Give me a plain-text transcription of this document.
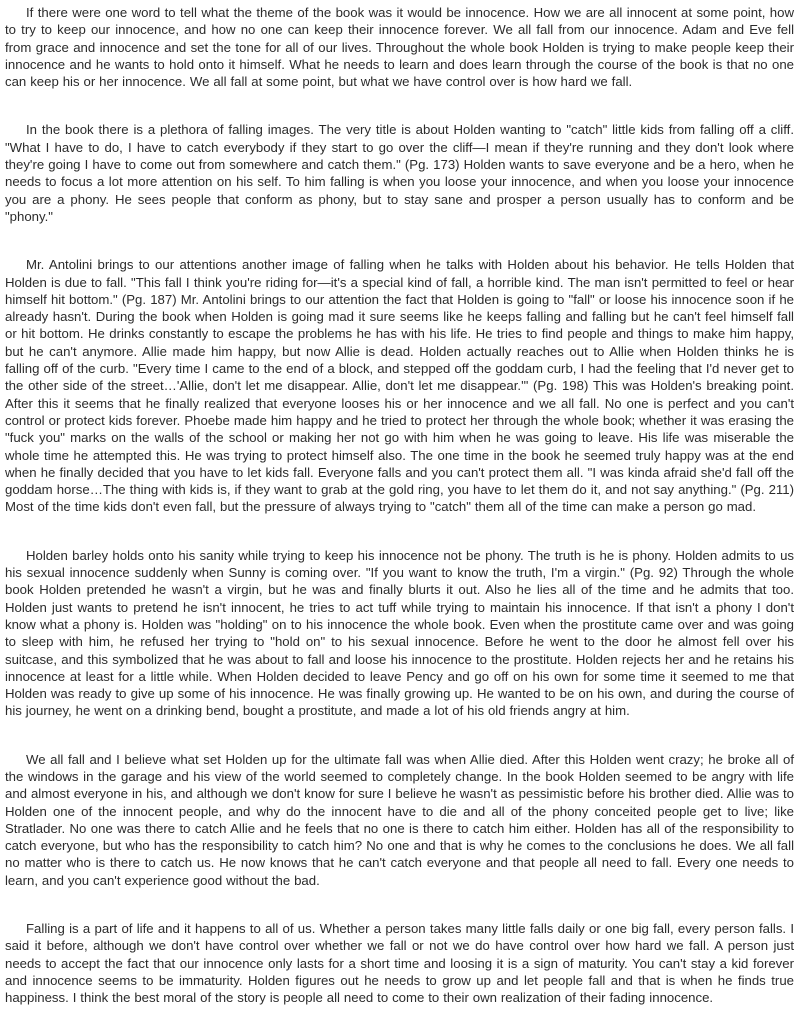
If there were one word to tell what the theme of the book was it would be innocence. How we are all innocent at some point, how to try to keep our innocence, and how no one can keep their innocence forever. We all fall from our innocence. Adam and Eve fell from grace and innocence and set the tone for all of our lives. Throughout the whole book Holden is trying to make people keep their innocence and he wants to hold onto it himself. What he needs to learn and does learn through the course of the book is that no one can keep his or her innocence. We all fall at some point, but what we have control over is how hard we fall.

In the book there is a plethora of falling images. The very title is about Holden wanting to "catch" little kids from falling off a cliff. "What I have to do, I have to catch everybody if they start to go over the cliff—I mean if they're running and they don't look where they're going I have to come out from somewhere and catch them." (Pg. 173) Holden wants to save everyone and be a hero, when he needs to focus a lot more attention on his self. To him falling is when you loose your innocence, and when you loose your innocence you are a phony. He sees people that conform as phony, but to stay sane and prosper a person usually has to conform and be "phony."

Mr. Antolini brings to our attentions another image of falling when he talks with Holden about his behavior. He tells Holden that Holden is due to fall. "This fall I think you're riding for—it's a special kind of fall, a horrible kind. The man isn't permitted to feel or hear himself hit bottom." (Pg. 187) Mr. Antolini brings to our attention the fact that Holden is going to "fall" or loose his innocence soon if he already hasn't. During the book when Holden is going mad it sure seems like he keeps falling and falling but he can't feel himself fall or hit bottom. He drinks constantly to escape the problems he has with his life. He tries to find people and things to make him happy, but he can't anymore. Allie made him happy, but now Allie is dead. Holden actually reaches out to Allie when Holden thinks he is falling off of the curb. "Every time I came to the end of a block, and stepped off the goddam curb, I had the feeling that I'd never get to the other side of the street…'Allie, don't let me disappear. Allie, don't let me disappear.'" (Pg. 198) This was Holden's breaking point. After this it seems that he finally realized that everyone looses his or her innocence and we all fall. No one is perfect and you can't control or protect kids forever. Phoebe made him happy and he tried to protect her through the whole book; whether it was erasing the "fuck you" marks on the walls of the school or making her not go with him when he was going to leave. His life was miserable the whole time he attempted this. He was trying to protect himself also. The one time in the book he seemed truly happy was at the end when he finally decided that you have to let kids fall. Everyone falls and you can't protect them all. "I was kinda afraid she'd fall off the goddam horse…The thing with kids is, if they want to grab at the gold ring, you have to let them do it, and not say anything." (Pg. 211) Most of the time kids don't even fall, but the pressure of always trying to "catch" them all of the time can make a person go mad.

Holden barley holds onto his sanity while trying to keep his innocence not be phony. The truth is he is phony. Holden admits to us his sexual innocence suddenly when Sunny is coming over. "If you want to know the truth, I'm a virgin." (Pg. 92) Through the whole book Holden pretended he wasn't a virgin, but he was and finally blurts it out. Also he lies all of the time and he admits that too. Holden just wants to pretend he isn't innocent, he tries to act tuff while trying to maintain his innocence. If that isn't a phony I don't know what a phony is. Holden was "holding" on to his innocence the whole book. Even when the prostitute came over and was going to sleep with him, he refused her trying to "hold on" to his sexual innocence. Before he went to the door he almost fell over his suitcase, and this symbolized that he was about to fall and loose his innocence to the prostitute. Holden rejects her and he retains his innocence at least for a little while. When Holden decided to leave Pency and go off on his own for some time it seemed to me that Holden was ready to give up some of his innocence. He was finally growing up. He wanted to be on his own, and during the course of his journey, he went on a drinking bend, bought a prostitute, and made a lot of his old friends angry at him.

We all fall and I believe what set Holden up for the ultimate fall was when Allie died. After this Holden went crazy; he broke all of the windows in the garage and his view of the world seemed to completely change. In the book Holden seemed to be angry with life and almost everyone in his, and although we don't know for sure I believe he wasn't as pessimistic before his brother died. Allie was to Holden one of the innocent people, and why do the innocent have to die and all of the phony conceited people get to live; like Stratlader. No one was there to catch Allie and he feels that no one is there to catch him either. Holden has all of the responsibility to catch everyone, but who has the responsibility to catch him? No one and that is why he comes to the conclusions he does. We all fall no matter who is there to catch us. He now knows that he can't catch everyone and that people all need to fall. Every one needs to learn, and you can't experience good without the bad.

Falling is a part of life and it happens to all of us. Whether a person takes many little falls daily or one big fall, every person falls. I said it before, although we don't have control over whether we fall or not we do have control over how hard we fall. A person just needs to accept the fact that our innocence only lasts for a short time and loosing it is a sign of maturity. You can't stay a kid forever and innocence seems to be immaturity. Holden figures out he needs to grow up and let people fall and that is when he finds true happiness. I think the best moral of the story is people all need to come to their own realization of their fading innocence.
